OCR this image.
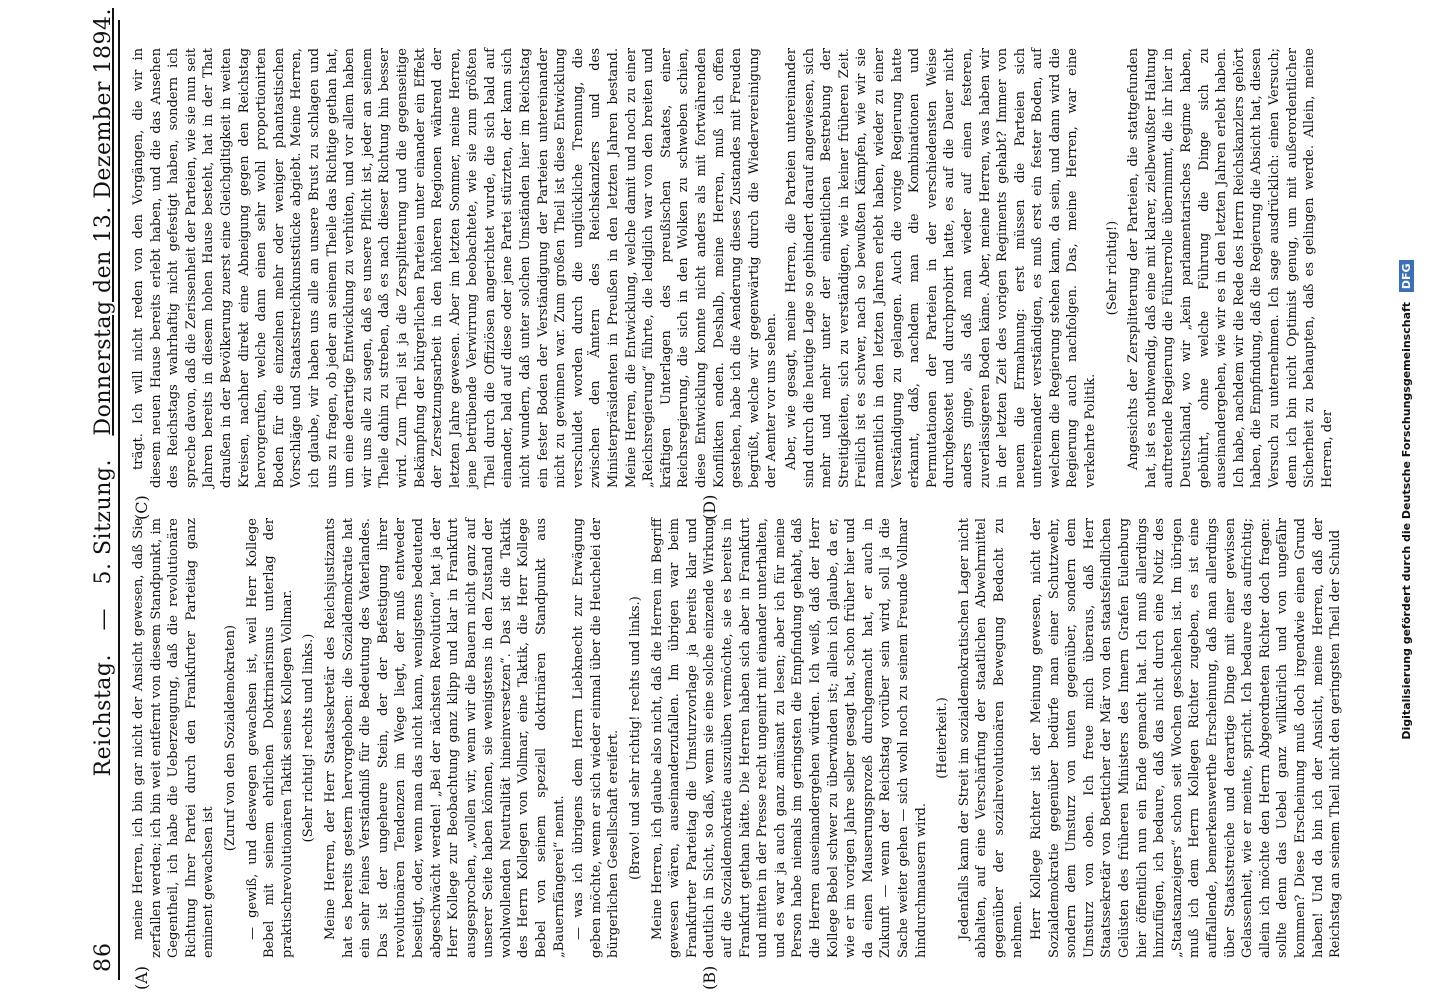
86
Reichstag. — 5. Sitzung. Donnerstag den 13. Dezember 1894.
(A)	(B)
(C)	(D)

meine Herren, ich bin gar nicht der Ansicht gewesen, daß Sie zerfallen werden; ich bin weit entfernt von diesem Standpunkt, im Gegentheil, ich habe die Ueberzeugung, daß die revolutionäre Richtung Ihrer Partei durch den Frankfurter Parteitag ganz eminent gewachsen ist

(Zuruf von den Sozialdemokraten) — gewiß, und deswegen gewachsen ist, weil Herr Kollege Bebel mit seinem ehrlichen Doktrinarismus unterlag der praktischrevolutionären Taktik seines Kollegen Vollmar. (Sehr richtig! rechts und links.) Meine Herren, der Herr Staatssekretär des Reichsjustizamts hat es bereits gestern hervorgehoben: die Sozialdemokratie hat ein sehr feines Verständniß für die Bedeutung des Vaterlandes. Das ist der ungeheure Stein, der der Befestigung ihrer revolutionären Tendenzen im Wege liegt, der muß entweder beseitigt, oder, wenn man das nicht kann, wenigstens bedeutend abgeschwächt werden! „Bei der nächsten Revolution“ hat ja der Herr Kollege zur Beobachtung ganz klipp und klar in Frankfurt ausgesprochen, „wollen wir, wenn wir die Bauern nicht ganz auf unserer Seite haben können, sie wenigstens in den Zustand der wohlwollenden Neutralität hineinversetzen“. Das ist die Taktik des Herrn Kollegen von Vollmar, eine Taktik, die Herr Kollege Bebel von seinem speziell doktrinären Standpunkt aus „Bauernfängerei“ nennt. — was ich übrigens dem Herrn Liebknecht zur Erwägung geben möchte, wenn er sich wieder einmal über die Heuchelei der bürgerlichen Gesellschaft ereifert. (Bravo! und sehr richtig! rechts und links.) Meine Herren, ich glaube also nicht, daß die Herren im Begriff gewesen wären, auseinanderzufallen. Im übrigen war beim Frankfurter Parteitag die Umsturzvorlage ja bereits klar und deutlich in Sicht, so daß, wenn sie eine solche einzende Wirkung auf die Sozialdemokratie auszuüben vermöchte, sie es bereits in Frankfurt gethan hätte. Die Herren haben sich aber in Frankfurt und mitten in der Presse recht ungenirt mit einander unterhalten, und es war ja auch ganz amüsant zu lesen; aber ich für meine Person habe niemals im geringsten die Empfindung gehabt, daß die Herren auseinandergehen würden. Ich weiß, daß der Herr Kollege Bebel schwer zu überwinden ist; allein ich glaube, da er, wie er im vorigen Jahre selber gesagt hat, schon früher hier und da einen Mauserungsprozeß durchgemacht hat, er auch in Zukunft — wenn der Reichstag vorüber sein wird, soll ja die Sache weiter gehen — sich wohl noch zu seinem Freunde Vollmar hindurchmausern wird.

(Heiterkeit.) Jedenfalls kann der Streit im sozialdemokratischen Lager nicht abhalten, auf eine Verschärfung der staatlichen Abwehrmittel gegenüber der sozialrevolutionären Bewegung Bedacht zu nehmen. Herr Kollege Richter ist der Meinung gewesen, nicht der Sozialdemokratie gegenüber bedürfe man einer Schutzwehr, sondern dem Umsturz von unten gegenüber, sondern dem Umsturz von oben. Ich freue mich überaus, daß Herr Staatssekretär von Boetticher der Mär von den staatsfeindlichen Gelüsten des früheren Ministers des Innern Grafen Eulenburg hier öffentlich nun ein Ende gemacht hat. Ich muß allerdings hinzufügen, ich bedaure, daß das nicht durch eine Notiz des „Staatsanzeigers“ schon seit Wochen geschehen ist. Im übrigen muß ich dem Herrn Kollegen Richter zugeben, es ist eine auffallende, bemerkenswerthe Erscheinung, daß man allerdings über Staatsstreiche und derartige Dinge mit einer gewissen Gelassenheit, wie er meinte, spricht. Ich bedaure das aufrichtig; allein ich möchte den Herrn Abgeordneten Richter doch fragen: sollte denn das Uebel ganz willkürlich und von ungefähr kommen? Diese Erscheinung muß doch irgendwie einen Grund haben! Und da bin ich der Ansicht, meine Herren, daß der Reichstag an seinem Theil nicht den geringsten Theil der Schuld

trägt. Ich will nicht reden von den Vorgängen, die wir in diesem neuen Hause bereits erlebt haben, und die das Ansehen des Reichstags wahrhaftig nicht gefestigt haben, sondern ich spreche davon, daß die Zerissenheit der Parteien, wie sie nun seit Jahren bereits in diesem hohen Hause besteht, hat in der That draußen in der Bevölkerung zuerst eine Gleichgiltigkeit in weiten Kreisen, nachher direkt eine Abneigung gegen den Reichstag hervorgerufen, welche dann einen sehr wohl proportionirten Boden für die einzelnen mehr oder weniger phantastischen Vorschläge und Staatsstreichkunststücke abgiebt. Meine Herren, ich glaube, wir haben uns alle an unsere Brust zu schlagen und uns zu fragen, ob jeder an seinem Theile das Richtige gethan hat, um eine derartige Entwicklung zu verhüten, und vor allem haben wir uns alle zu sagen, daß es unsere Pflicht ist, jeder an seinem Theile dahin zu streben, daß es nach dieser Richtung hin besser wird. Zum Theil ist ja die Zersplitterung und die gegenseitige Bekämpfung der bürgerlichen Parteien unter einander ein Effekt der Zersetzungsarbeit in den höheren Regionen während der letzten Jahre gewesen. Aber im letzten Sommer, meine Herren, jene betrübende Verwirrung beobachtete, wie sie zum größten Theil durch die Offiziösen angerichtet wurde, die sich bald auf einander, bald auf diese oder jene Partei stürzten, der kann sich nicht wundern, daß unter solchen Umständen hier im Reichstag ein fester Boden der Verständigung der Parteien untereinander nicht zu gewinnen war. Zum großen Theil ist diese Entwicklung verschuldet worden durch die unglückliche Trennung, die zwischen den Ämtern des Reichskanzlers und des Ministerpräsidenten in Preußen in den letzten Jahren bestand. Meine Herren, die Entwicklung, welche damit und noch zu einer „Reichsregierung“ führte, die lediglich war von den breiten und kräftigen Unterlagen des preußischen Staates, einer Reichsregierung, die sich in den Wolken zu schweben schien, diese Entwicklung konnte nicht anders als mit fortwährenden Konflikten enden. Deshalb, meine Herren, muß ich offen gestehen, habe ich die Aenderung dieses Zustandes mit Freuden begrüßt, welche wir gegenwärtig durch die Wiedervereinigung der Aemter vor uns sehen. Aber, wie gesagt, meine Herren, die Parteien untereinander sind durch die heutige Lage so gehindert darauf angewiesen, sich mehr und mehr unter der einheitlichen Bestrebung der Streitigkeiten, sich zu verständigen, wie in keiner früheren Zeit. Freilich ist es schwer, nach so bewußten Kämpfen, wie wir sie namentlich in den letzten Jahren erlebt haben, wieder zu einer Verständigung zu gelangen. Auch die vorige Regierung hatte erkannt, daß, nachdem man die Kombinationen und Permutationen der Parteien in der verschiedensten Weise durchgekostet und durchprobirt hatte, es auf die Dauer nicht anders ginge, als daß man wieder auf einen festeren, zuverlässigeren Boden käme. Aber, meine Herren, was haben wir in der letzten Zeit des vorigen Regiments gehabt? Immer von neuem die Ermahnung: erst müssen die Parteien sich untereinander verständigen, es muß erst ein fester Boden, auf welchem die Regierung stehen kann, da sein, und dann wird die Regierung auch nachfolgen. Das, meine Herren, war eine verkehrte Politik.

(Sehr richtig!) Angesichts der Zersplitterung der Parteien, die stattgefunden hat, ist es nothwendig, daß eine mit klarer, zielbewußter Haltung auftretende Regierung die Führerrolle übernimmt, die ihr hier in Deutschland, wo wir „kein parlamentarisches Regime haben, gebührt, ohne welche Führung die Dinge sich zu auseinandergehen, wie wir es in den letzten Jahren erlebt haben. Ich habe, nachdem wir die Rede des Herrn Reichskanzlers gehört haben, die Empfindung, daß die Regierung die Absicht hat, diesen Versuch zu unternehmen. Ich sage ausdrücklich: einen Versuch; denn ich bin nicht Optimist genug, um mit außerordentlicher Sicherheit zu behaupten, daß es gelingen werde. Allein, meine Herren, der	Digitalisierung gefördert durch die Deutsche Forschungsgemeinschaft DFG
